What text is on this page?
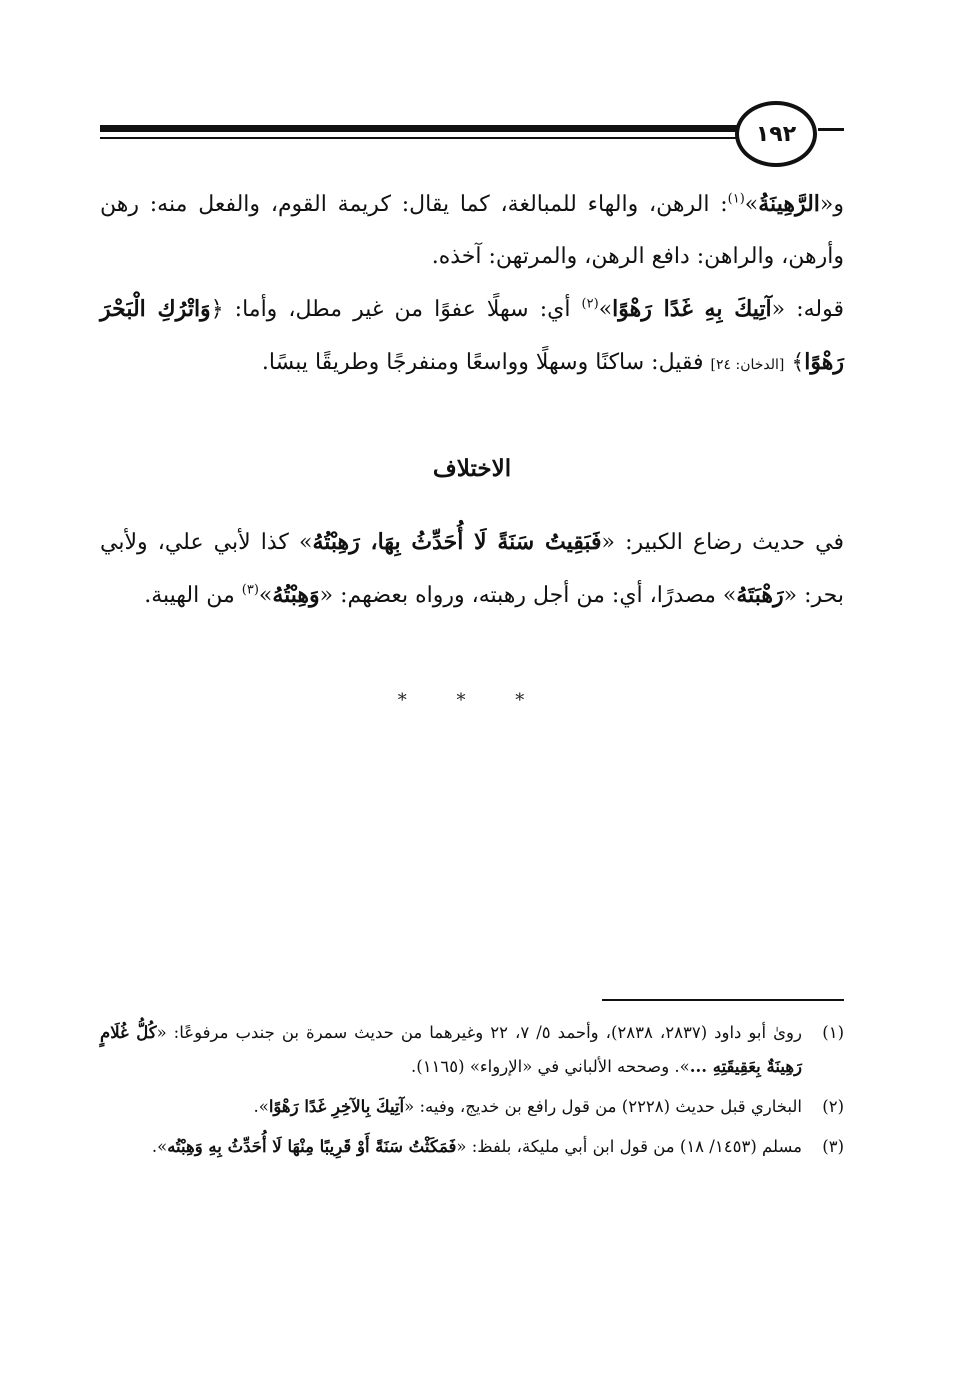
١٩٢

و«الرَّهِينَةُ»$^{(١)}$: الرهن، والهاء للمبالغة، كما يقال: كريمة القوم، والفعل منه: رهن وأرهن، والراهن: دافع الرهن، والمرتهن: آخذه.

قوله: «آتِيكَ بِهِ غَدًا رَهْوًا»$^{(٢)}$ أي: سهلًا عفوًا من غير مطل، وأما: ﴿وَاتْرُكِ الْبَحْرَ رَهْوًا﴾ [الدخان: ٢٤] فقيل: ساكنًا وسهلًا وواسعًا ومنفرجًا وطريقًا يبسًا.

الاختلاف

في حديث رضاع الكبير: «فَبَقِيتُ سَنَةً لَا أُحَدِّثُ بِهَا، رَهِبْتُهُ» كذا لأبي علي، ولأبي بحر: «رَهْبَتَهُ» مصدرًا، أي: من أجل رهبته، ورواه بعضهم: «وَهِبْتُهُ»$^{(٣)}$ من الهيبة.

* * *
(١)
رویٰ أبو داود (٢٨٣٧، ٢٨٣٨)، وأحمد ٥/ ٧، ٢٢ وغيرهما من حديث سمرة بن جندب مرفوعًا: «كُلُّ غُلَامٍ رَهِينَةٌ بِعَقِيقَتِهِ ...». وصححه الألباني في «الإرواء» (١١٦٥).
(٢)
البخاري قبل حديث (٢٢٢٨) من قول رافع بن خديج، وفيه: «آتِيكَ بِالآخِرِ غَدًا رَهْوًا».
(٣)
مسلم (١٤٥٣/ ١٨) من قول ابن أبي مليكة، بلفظ: «فَمَكَثْتُ سَنَةً أَوْ قَرِيبًا مِنْهَا لَا أُحَدِّثُ بِهِ وَهِبْتُه».
